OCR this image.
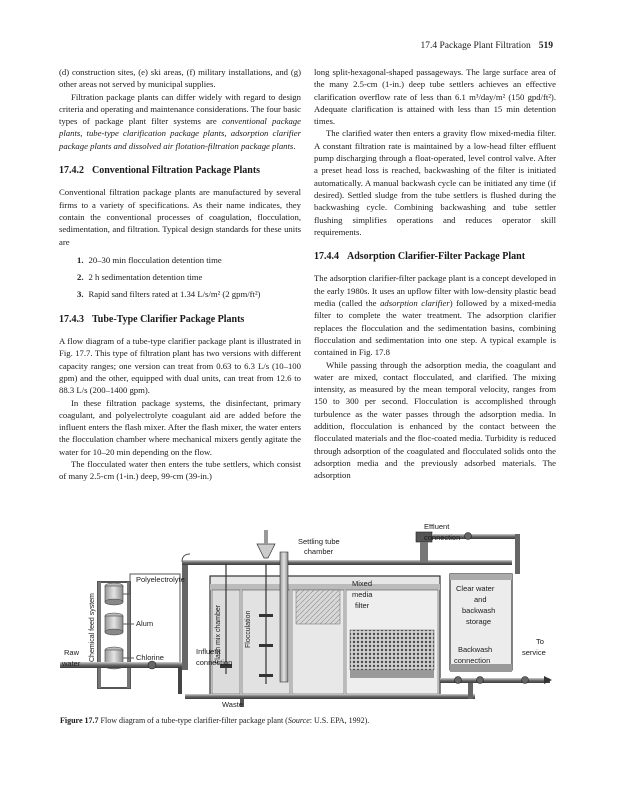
17.4 Package Plant Filtration 519

(d) construction sites, (e) ski areas, (f) military installations, and (g) other areas not served by municipal supplies.

Filtration package plants can differ widely with regard to design criteria and operating and maintenance considerations. The four basic types of package plant filter systems are conventional package plants, tube-type clarification package plants, adsorption clarifier package plants and dissolved air flotation-filtration package plants.

17.4.2 Conventional Filtration Package Plants

Conventional filtration package plants are manufactured by several firms to a variety of specifications. As their name indicates, they contain the conventional processes of coagulation, flocculation, sedimentation, and filtration. Typical design standards for these units are

1. 20–30 min flocculation detention time
2. 2 h sedimentation detention time
3. Rapid sand filters rated at 1.34 L/s/m² (2 gpm/ft²)
17.4.3 Tube-Type Clarifier Package Plants

A flow diagram of a tube-type clarifier package plant is illustrated in Fig. 17.7. This type of filtration plant has two versions with different capacity ranges; one version can treat from 0.63 to 6.3 L/s (10–100 gpm) and the other, equipped with dual units, can treat from 12.6 to 88.3 L/s (200–1400 gpm).

In these filtration package systems, the disinfectant, primary coagulant, and polyelectrolyte coagulant aid are added before the influent enters the flash mixer. After the flash mixer, the water enters the flocculation chamber where mechanical mixers gently agitate the water for 10–20 min depending on the flow.

The flocculated water then enters the tube settlers, which consist of many 2.5-cm (1-in.) deep, 99-cm (39-in.)

long split-hexagonal-shaped passageways. The large surface area of the many 2.5-cm (1-in.) deep tube settlers achieves an effective clarification overflow rate of less than 6.1 m³/day/m² (150 gpd/ft²). Adequate clarification is attained with less than 15 min detention times.

The clarified water then enters a gravity flow mixed-media filter. A constant filtration rate is maintained by a low-head filter effluent pump discharging through a float-operated, level control valve. After a preset head loss is reached, backwashing of the filter is initiated automatically. A manual backwash cycle can be initiated any time (if desired). Settled sludge from the tube settlers is flushed during the backwashing cycle. Combining backwashing and tube settler flushing simplifies operations and reduces operator skill requirements.

17.4.4 Adsorption Clarifier-Filter Package Plant

The adsorption clarifier-filter package plant is a concept developed in the early 1980s. It uses an upflow filter with low-density plastic bead media (called the adsorption clarifier) followed by a mixed-media filter to complete the water treatment. The adsorption clarifier replaces the flocculation and the sedimentation basins, combining flocculation and sedimentation into one step. A typical example is contained in Fig. 17.8

While passing through the adsorption media, the coagulant and water are mixed, contact flocculated, and clarified. The mixing intensity, as measured by the mean temporal velocity, ranges from 150 to 300 per second. Flocculation is accomplished through turbulence as the water passes through the adsorption media. In addition, flocculation is enhanced by the contact between the flocculated materials and the floc-coated media. Turbidity is reduced through adsorption of the coagulated and flocculated solids onto the adsorption media and the previously adsorbed materials. The adsorption

Effluent
connection
Settling tube
chamber
Polyelectrolyte
Alum
Chlorine
Chemical feed system	Flash mix chamber	Flocculation
Mixed
media
filter
Clear water
and
backwash
storage
Raw
water
Influent
connection
Waste
Backwash
connection
To
service
Figure 17.7 Flow diagram of a tube-type clarifier-filter package plant (Source: U.S. EPA, 1992).
